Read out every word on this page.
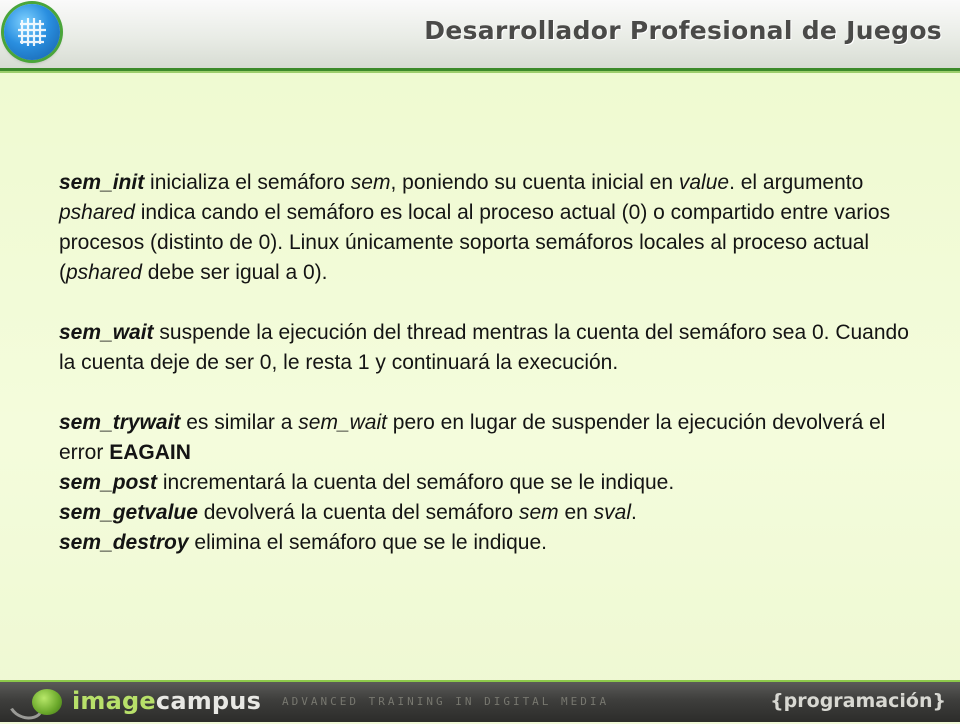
Desarrollador Profesional de Juegos

sem_init inicializa el semáforo sem, poniendo su cuenta inicial en value. el argumento pshared indica cando el semáforo es local al proceso actual (0) o compartido entre varios procesos (distinto de 0). Linux únicamente soporta semáforos locales al proceso actual (pshared debe ser igual a 0).

sem_wait suspende la ejecución del thread mentras la cuenta del semáforo sea 0. Cuando la cuenta deje de ser 0, le resta 1 y continuará la execución.

sem_trywait es similar a sem_wait pero en lugar de suspender la ejecución devolverá el error EAGAIN

sem_post incrementará la cuenta del semáforo que se le indique.

sem_getvalue devolverá la cuenta del semáforo sem en sval.

sem_destroy elimina el semáforo que se le indique.

imagecampus ADVANCED TRAINING IN DIGITAL MEDIA	{programación}
